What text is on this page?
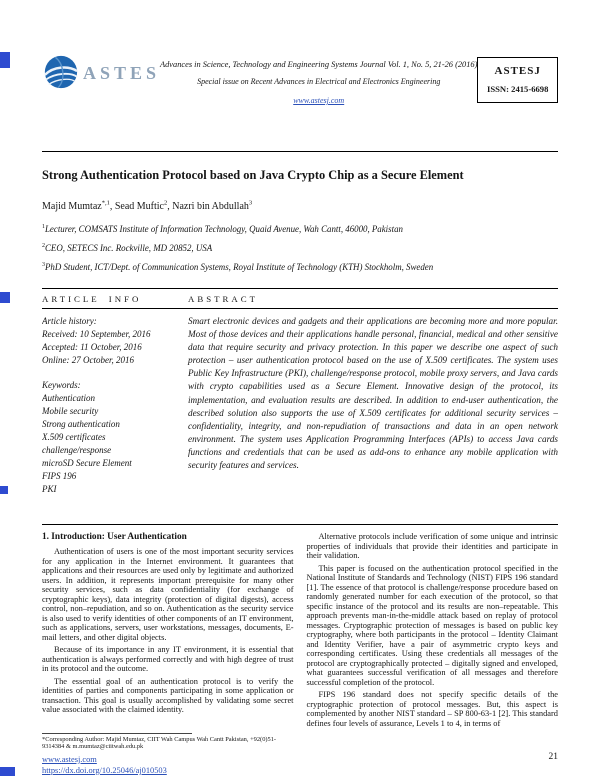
ASTES Advances in Science, Technology and Engineering Systems Journal Vol. 1, No. 5, 21-26 (2016)
Special issue on Recent Advances in Electrical and Electronics Engineering
www.astesj.com
ASTESJ
ISSN: 2415-6698
Strong Authentication Protocol based on Java Crypto Chip as a Secure Element
Majid Mumtaz$^{*,1}$, Sead Muftic$^2$, Nazri bin Abdullah$^3$
$^1$Lecturer, COMSATS Institute of Information Technology, Quaid Avenue, Wah Cantt, 46000, Pakistan
$^2$CEO, SETECS Inc. Rockville, MD 20852, USA
$^3$PhD Student, ICT/Dept. of Communication Systems, Royal Institute of Technology (KTH) Stockholm, Sweden
ARTICLE INFO	ABSTRACT
Article history:
Received: 10 September, 2016
Accepted: 11 October, 2016
Online: 27 October, 2016
Keywords:
Authentication
Mobile security
Strong authentication
X.509 certificates
challenge/response
microSD Secure Element
FIPS 196
PKI
Smart electronic devices and gadgets and their applications are becoming more and more popular. Most of those devices and their applications handle personal, financial, medical and other sensitive data that require security and privacy protection. In this paper we describe one aspect of such protection – user authentication protocol based on the use of X.509 certificates. The system uses Public Key Infrastructure (PKI), challenge/response protocol, mobile proxy servers, and Java cards with crypto capabilities used as a Secure Element. Innovative design of the protocol, its implementation, and evaluation results are described. In addition to end-user authentication, the described solution also supports the use of X.509 certificates for additional security services – confidentiality, integrity, and non-repudiation of transactions and data in an open network environment. The system uses Application Programming Interfaces (APIs) to access Java cards functions and credentials that can be used as add-ons to enhance any mobile application with security features and services.
1. Introduction: User Authentication

Authentication of users is one of the most important security services for any application in the Internet environment. It guarantees that applications and their resources are used only by legitimate and authorized users. In addition, it represents important prerequisite for many other security services, such as data confidentiality (for exchange of cryptographic keys), data integrity (protection of digital digests), access control, non–repudiation, and so on. Authentication as the security service is also used to verify identities of other components of an IT environment, such as applications, servers, user workstations, messages, documents, E-mail letters, and other digital objects.

Because of its importance in any IT environment, it is essential that authentication is always performed correctly and with high degree of trust in its protocol and the outcome.

The essential goal of an authentication protocol is to verify the identities of parties and components participating in some application or transaction. This goal is usually accomplished by validating some secret value associated with the claimed identity.

Alternative protocols include verification of some unique and intrinsic properties of individuals that provide their identities and participate in their validation.

This paper is focused on the authentication protocol specified in the National Institute of Standards and Technology (NIST) FIPS 196 standard [1]. The essence of that protocol is challenge/response procedure based on randomly generated number for each execution of the protocol, so that specific instance of the protocol and its results are non–repeatable. This approach prevents man-in-the-middle attack based on replay of protocol messages. Cryptographic protection of messages is based on public key cryptography, where both participants in the protocol – Identity Claimant and Identity Verifier, have a pair of asymmetric crypto keys and corresponding certificates. Using these credentials all messages of the protocol are cryptographically protected – digitally signed and enveloped, what guarantees successful verification of all messages and therefore successful completion of the protocol.

FIPS 196 standard does not specify specific details of the cryptographic protection of protocol messages. But, this aspect is complemented by another NIST standard – SP 800-63-1 [2]. This standard defines four levels of assurance, Levels 1 to 4, in terms of

*Corresponding Author: Majid Mumtaz, CIIT Wah Campus Wah Cantt Pakistan, +92(0)51-9314384 & m.mumtaz@ciitwah.edu.pk
www.astesj.com
https://dx.doi.org/10.25046/aj010503
21
